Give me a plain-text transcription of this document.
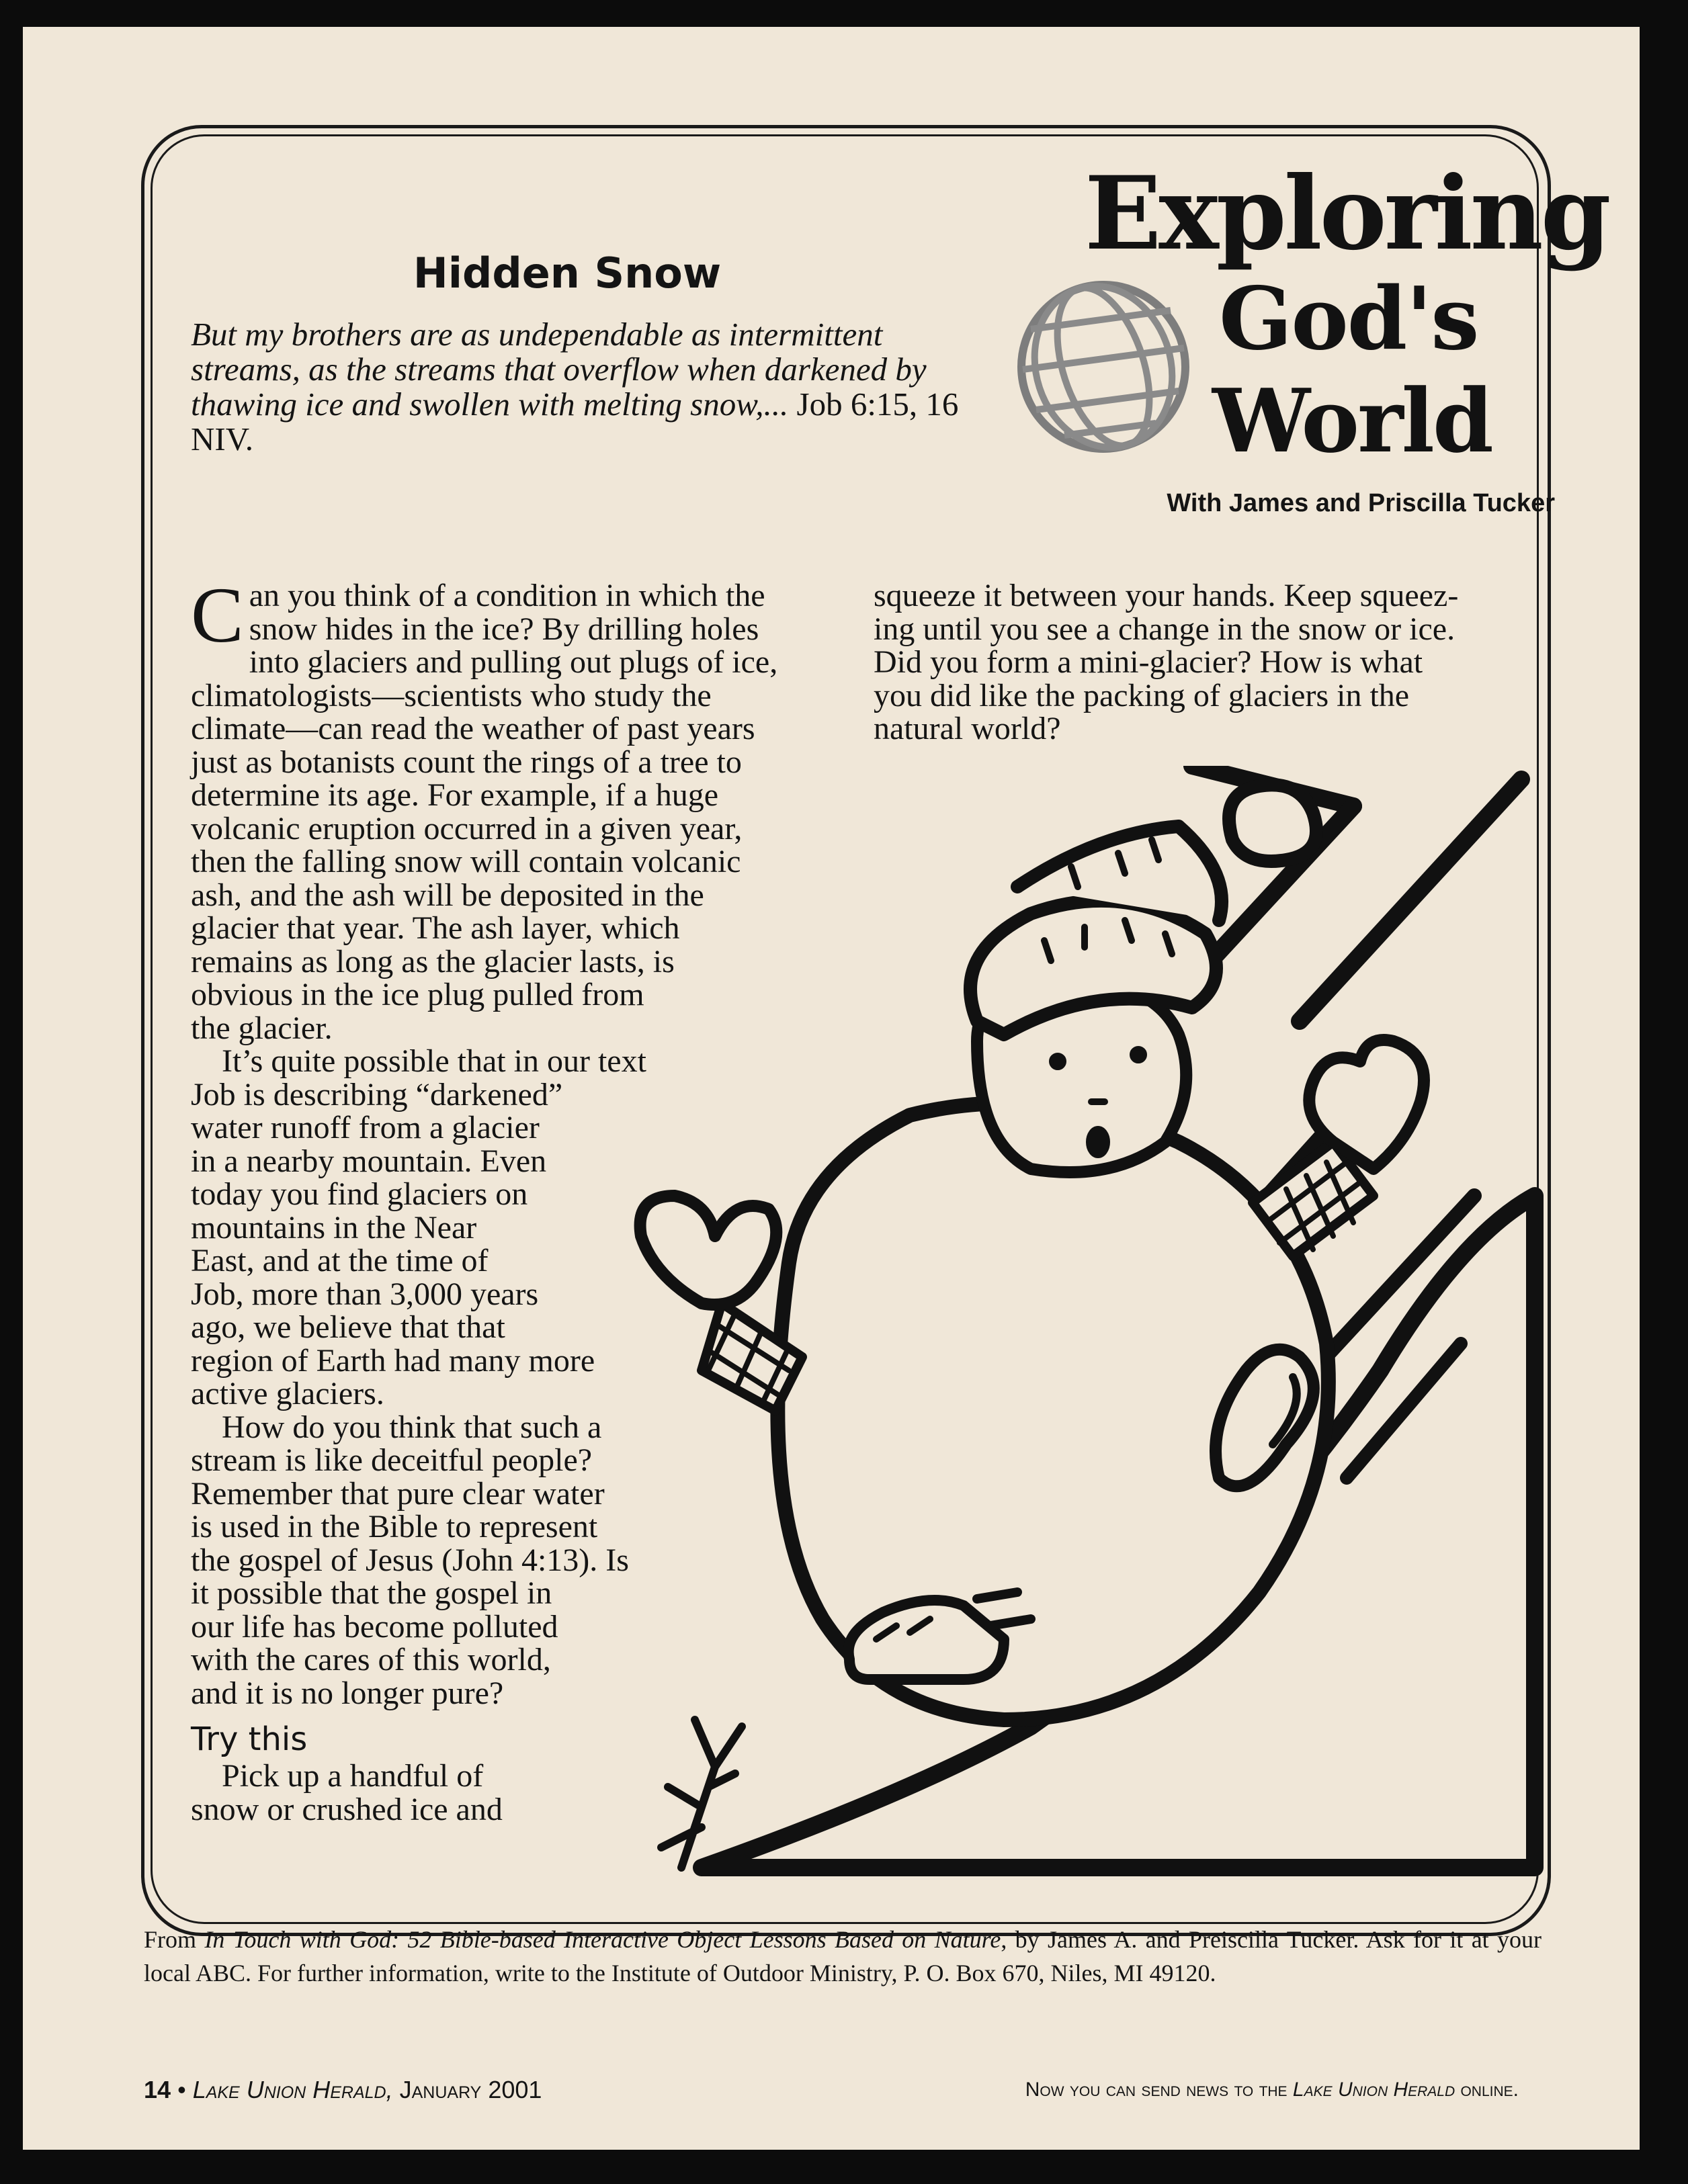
Hidden Snow
But my brothers are as undependable as intermittent streams, as the streams that overflow when darkened by thawing ice and swollen with melting snow,... Job 6:15, 16 NIV.
Exploring
God's
World
With James and Priscilla Tucker

C an you think of a condition in which the
snow hides in the ice? By drilling holes
into glaciers and pulling out plugs of ice,
climatologists—scientists who study the
climate—can read the weather of past years
just as botanists count the rings of a tree to
determine its age. For example, if a huge
volcanic eruption occurred in a given year,
then the falling snow will contain volcanic
ash, and the ash will be deposited in the
glacier that year. The ash layer, which
remains as long as the glacier lasts, is
obvious in the ice plug pulled from
the glacier.

It’s quite possible that in our text
Job is describing “darkened”
water runoff from a glacier
in a nearby mountain. Even
today you find glaciers on
mountains in the Near
East, and at the time of
Job, more than 3,000 years
ago, we believe that that
region of Earth had many more
active glaciers.

How do you think that such a
stream is like deceitful people?
Remember that pure clear water
is used in the Bible to represent
the gospel of Jesus (John 4:13). Is
it possible that the gospel in
our life has become polluted
with the cares of this world,
and it is no longer pure?

Try this

Pick up a handful of
snow or crushed ice and

squeeze it between your hands. Keep squeez-
ing until you see a change in the snow or ice.
Did you form a mini-glacier? How is what
you did like the packing of glaciers in the
natural world?
From In Touch with God: 52 Bible-based Interactive Object Lessons Based on Nature, by James A. and Preiscilla Tucker. Ask for it at your local ABC. For further information, write to the Institute of Outdoor Ministry, P. O. Box 670, Niles, MI 49120.
14 • Lake Union Herald, January 2001	Now you can send news to the Lake Union Herald online.
